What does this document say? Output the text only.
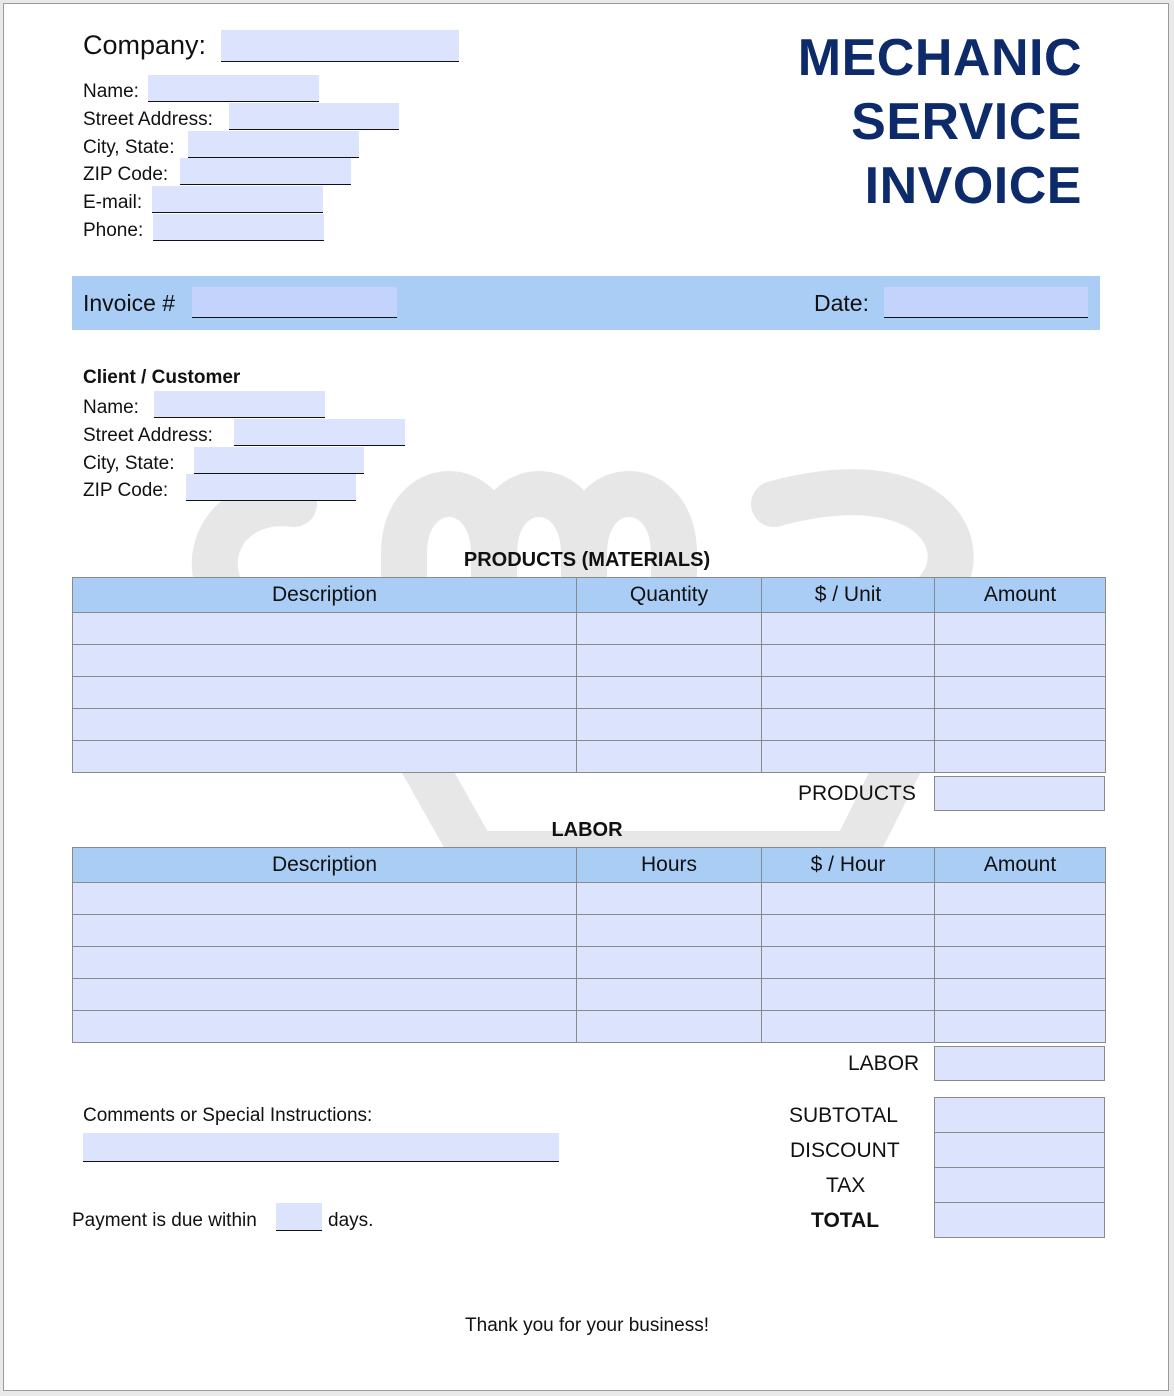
Company:
Name:
Street Address:
City, State:
ZIP Code:
E-mail:
Phone:
MECHANIC
SERVICE
INVOICE
Invoice #	Date:
Client / Customer
Name:
Street Address:
City, State:
ZIP Code:
PRODUCTS (MATERIALS)
Description	Quantity	$ / Unit	Amount

PRODUCTS
LABOR
Description	Hours	$ / Hour	Amount

LABOR
Comments or Special Instructions:
Payment is due within	days.
SUBTOTAL
DISCOUNT
TAX
TOTAL
Thank you for your business!
